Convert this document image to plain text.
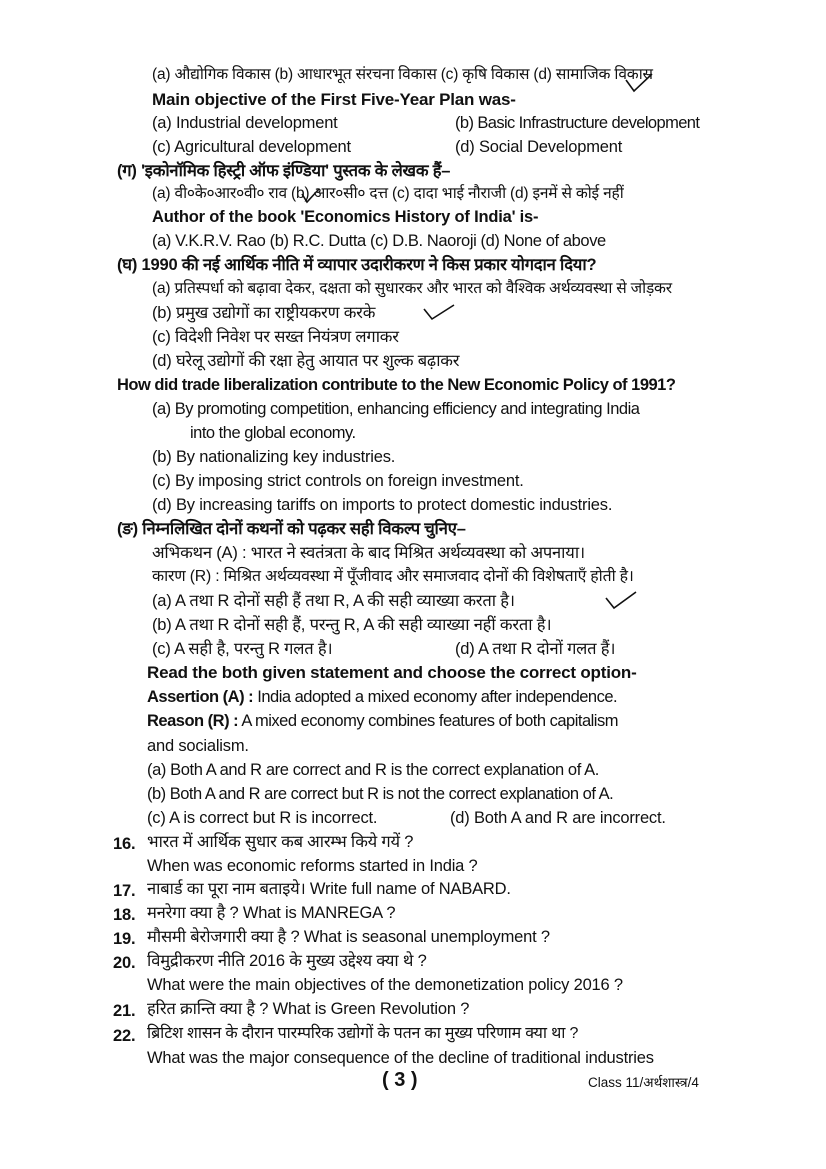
(a) औद्योगिक विकास (b) आधारभूत संरचना विकास (c) कृषि विकास (d) सामाजिक विकास
Main objective of the First Five-Year Plan was-
(a) Industrial development	(b) Basic Infrastructure development
(c) Agricultural development	(d) Social Development
(ग) 'इकोनॉमिक हिस्ट्री ऑफ इंण्डिया' पुस्तक के लेखक हैं–
(a) वी०के०आर०वी० राव (b) आर०सी० दत्त (c) दादा भाई नौराजी (d) इनमें से कोई नहीं
Author of the book 'Economics History of India' is-
(a) V.K.R.V. Rao (b) R.C. Dutta (c) D.B. Naoroji (d) None of above
(घ) 1990 की नई आर्थिक नीति में व्यापार उदारीकरण ने किस प्रकार योगदान दिया?
(a) प्रतिस्पर्धा को बढ़ावा देकर, दक्षता को सुधारकर और भारत को वैश्विक अर्थव्यवस्था से जोड़कर
(b) प्रमुख उद्योगों का राष्ट्रीयकरण करके
(c) विदेशी निवेश पर सख्त नियंत्रण लगाकर
(d) घरेलू उद्योगों की रक्षा हेतु आयात पर शुल्क बढ़ाकर
How did trade liberalization contribute to the New Economic Policy of 1991?
(a) By promoting competition, enhancing efficiency and integrating India
into the global economy.
(b) By nationalizing key industries.
(c) By imposing strict controls on foreign investment.
(d) By increasing tariffs on imports to protect domestic industries.
(ङ) निम्नलिखित दोनों कथनों को पढ़कर सही विकल्प चुनिए–
अभिकथन (A) : भारत ने स्वतंत्रता के बाद मिश्रित अर्थव्यवस्था को अपनाया।
कारण (R) : मिश्रित अर्थव्यवस्था में पूँजीवाद और समाजवाद दोनों की विशेषताएँ होती है।
(a) A तथा R दोनों सही हैं तथा R, A की सही व्याख्या करता है।
(b) A तथा R दोनों सही हैं, परन्तु R, A की सही व्याख्या नहीं करता है।
(c) A सही है, परन्तु R गलत है।	(d) A तथा R दोनों गलत हैं।
Read the both given statement and choose the correct option-
Assertion (A) : India adopted a mixed economy after independence.
Reason (R) : A mixed economy combines features of both capitalism
and socialism.
(a) Both A and R are correct and R is the correct explanation of A.
(b) Both A and R are correct but R is not the correct explanation of A.
(c) A is correct but R is incorrect.	(d) Both A and R are incorrect.
16. भारत में आर्थिक सुधार कब आरम्भ किये गयें ?
When was economic reforms started in India ?
17. नाबार्ड का पूरा नाम बताइये। Write full name of NABARD.
18. मनरेगा क्या है ? What is MANREGA ?
19. मौसमी बेरोजगारी क्या है ? What is seasonal unemployment ?
20. विमुद्रीकरण नीति 2016 के मुख्य उद्देश्य क्या थे ?
What were the main objectives of the demonetization policy 2016 ?
21. हरित क्रान्ति क्या है ? What is Green Revolution ?
22. ब्रिटिश शासन के दौरान पारम्परिक उद्योगों के पतन का मुख्य परिणाम क्या था ?
What was the major consequence of the decline of traditional industries
( 3 )	Class 11/अर्थशास्त्र/4
